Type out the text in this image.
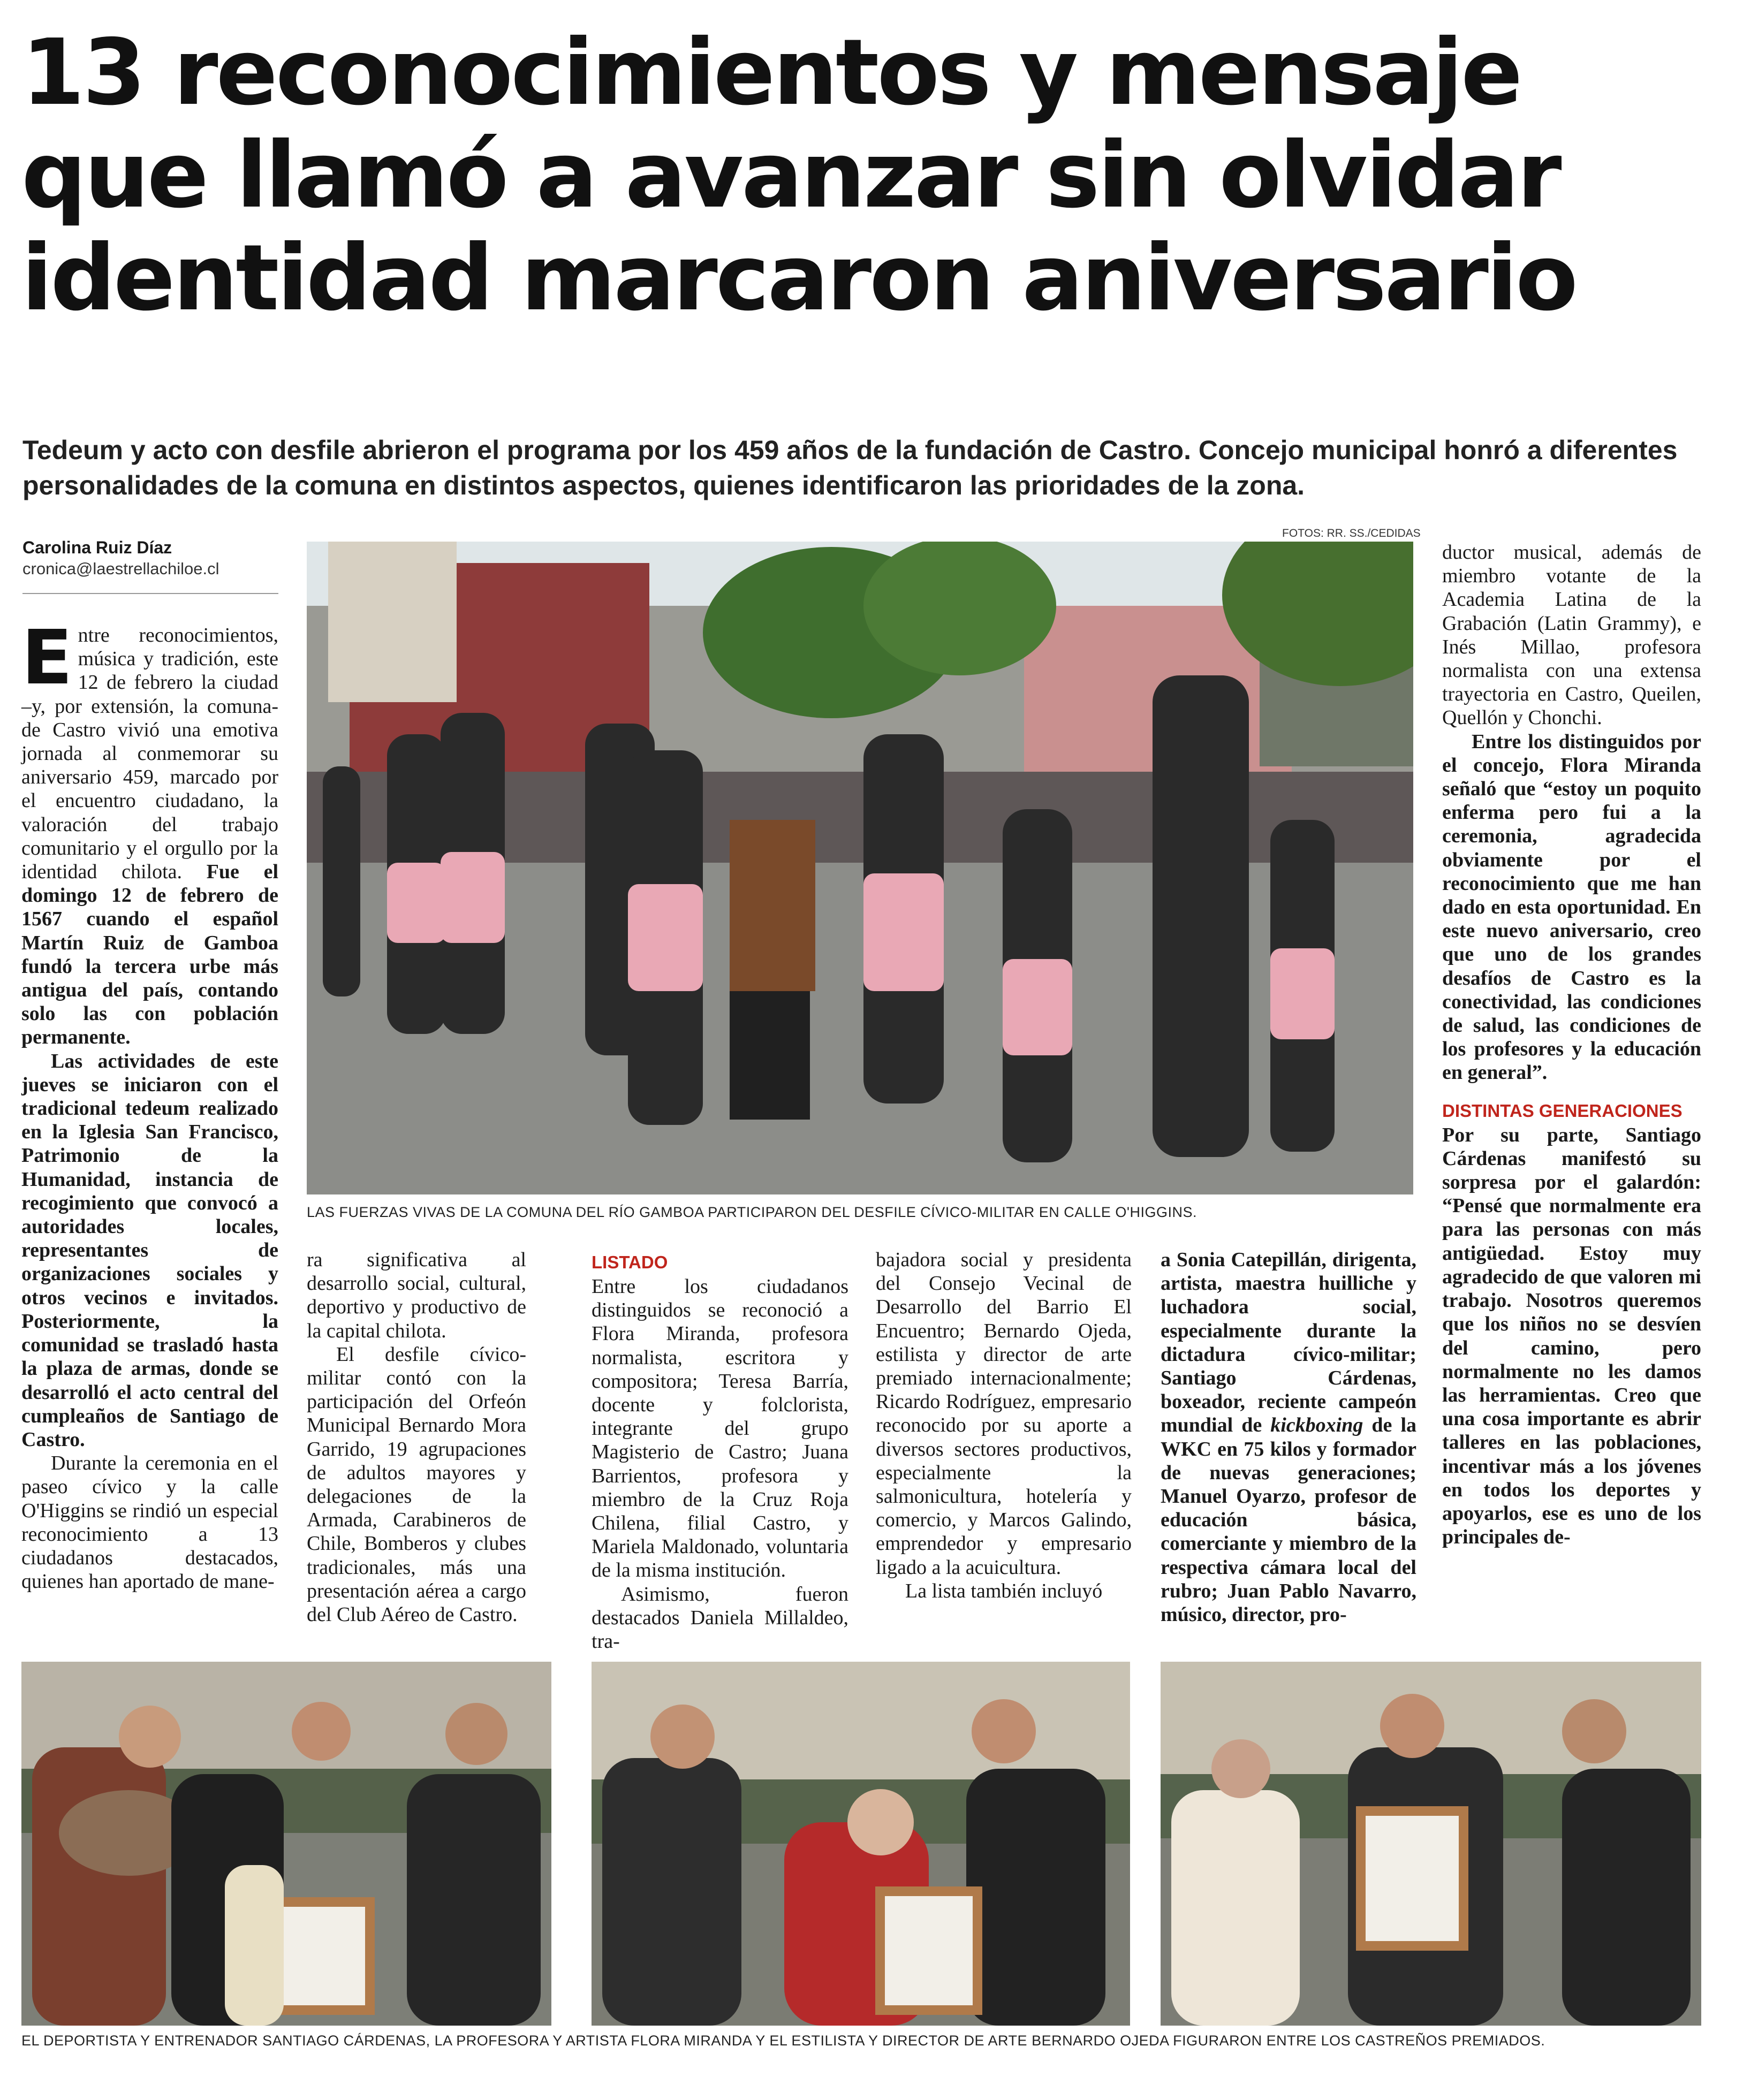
13 reconocimientos y mensaje
que llamó a avanzar sin olvidar
identidad marcaron aniversario
Tedeum y acto con desfile abrieron el programa por los 459 años de la fundación de Castro. Concejo municipal honró a diferentes personalidades de la comuna en distintos aspectos, quienes identificaron las prioridades de la zona.
Carolina Ruiz Díaz
cronica@laestrellachiloe.cl
FOTOS: RR. SS./CEDIDAS
LAS FUERZAS VIVAS DE LA COMUNA DEL RÍO GAMBOA PARTICIPARON DEL DESFILE CÍVICO-MILITAR EN CALLE O'HIGGINS.

Entre reconocimientos, música y tradición, este 12 de febrero la ciudad –y, por extensión, la comuna- de Castro vivió una emotiva jornada al conmemorar su aniversario 459, marcado por el encuentro ciudadano, la valoración del trabajo comunitario y el orgullo por la identidad chilota. Fue el domingo 12 de febrero de 1567 cuando el español Martín Ruiz de Gamboa fundó la tercera urbe más antigua del país, contando solo las con población permanente.

Las actividades de este jueves se iniciaron con el tradicional tedeum realizado en la Iglesia San Francisco, Patrimonio de la Humanidad, instancia de recogimiento que convocó a autoridades locales, representantes de organizaciones sociales y otros vecinos e invitados. Posteriormente, la comunidad se trasladó hasta la plaza de armas, donde se desarrolló el acto central del cumpleaños de Santiago de Castro.

Durante la ceremonia en el paseo cívico y la calle O'Higgins se rindió un especial reconocimiento a 13 ciudadanos destacados, quienes han aportado de mane-

ra significativa al desarrollo social, cultural, deportivo y productivo de la capital chilota.

El desfile cívico-militar contó con la participación del Orfeón Municipal Bernardo Mora Garrido, 19 agrupaciones de adultos mayores y delegaciones de la Armada, Carabineros de Chile, Bomberos y clubes tradicionales, más una presentación aérea a cargo del Club Aéreo de Castro.

LISTADO

Entre los ciudadanos distinguidos se reconoció a Flora Miranda, profesora normalista, escritora y compositora; Teresa Barría, docente y folclorista, integrante del grupo Magisterio de Castro; Juana Barrientos, profesora y miembro de la Cruz Roja Chilena, filial Castro, y Mariela Maldonado, voluntaria de la misma institución.

Asimismo, fueron destacados Daniela Millaldeo, tra-

bajadora social y presidenta del Consejo Vecinal de Desarrollo del Barrio El Encuentro; Bernardo Ojeda, estilista y director de arte premiado internacionalmente; Ricardo Rodríguez, empresario reconocido por su aporte a diversos sectores productivos, especialmente la salmonicultura, hotelería y comercio, y Marcos Galindo, emprendedor y empresario ligado a la acuicultura.

La lista también incluyó

a Sonia Catepillán, dirigenta, artista, maestra huilliche y luchadora social, especialmente durante la dictadura cívico-militar; Santiago Cárdenas, boxeador, reciente campeón mundial de kickboxing de la WKC en 75 kilos y formador de nuevas generaciones; Manuel Oyarzo, profesor de educación básica, comerciante y miembro de la respectiva cámara local del rubro; Juan Pablo Navarro, músico, director, pro-

ductor musical, además de miembro votante de la Academia Latina de la Grabación (Latin Grammy), e Inés Millao, profesora normalista con una extensa trayectoria en Castro, Queilen, Quellón y Chonchi.

Entre los distinguidos por el concejo, Flora Miranda señaló que “estoy un poquito enferma pero fui a la ceremonia, agradecida obviamente por el reconocimiento que me han dado en esta oportunidad. En este nuevo aniversario, creo que uno de los grandes desafíos de Castro es la conectividad, las condiciones de salud, las condiciones de los profesores y la educación en general”.

DISTINTAS GENERACIONES

Por su parte, Santiago Cárdenas manifestó su sorpresa por el galardón: “Pensé que normalmente era para las personas con más antigüedad. Estoy muy agradecido de que valoren mi trabajo. Nosotros queremos que los niños no se desvíen del camino, pero normalmente no les damos las herramientas. Creo que una cosa importante es abrir talleres en las poblaciones, incentivar más a los jóvenes en todos los deportes y apoyarlos, ese es uno de los principales de-

EL DEPORTISTA Y ENTRENADOR SANTIAGO CÁRDENAS, LA PROFESORA Y ARTISTA FLORA MIRANDA Y EL ESTILISTA Y DIRECTOR DE ARTE BERNARDO OJEDA FIGURARON ENTRE LOS CASTREÑOS PREMIADOS.
